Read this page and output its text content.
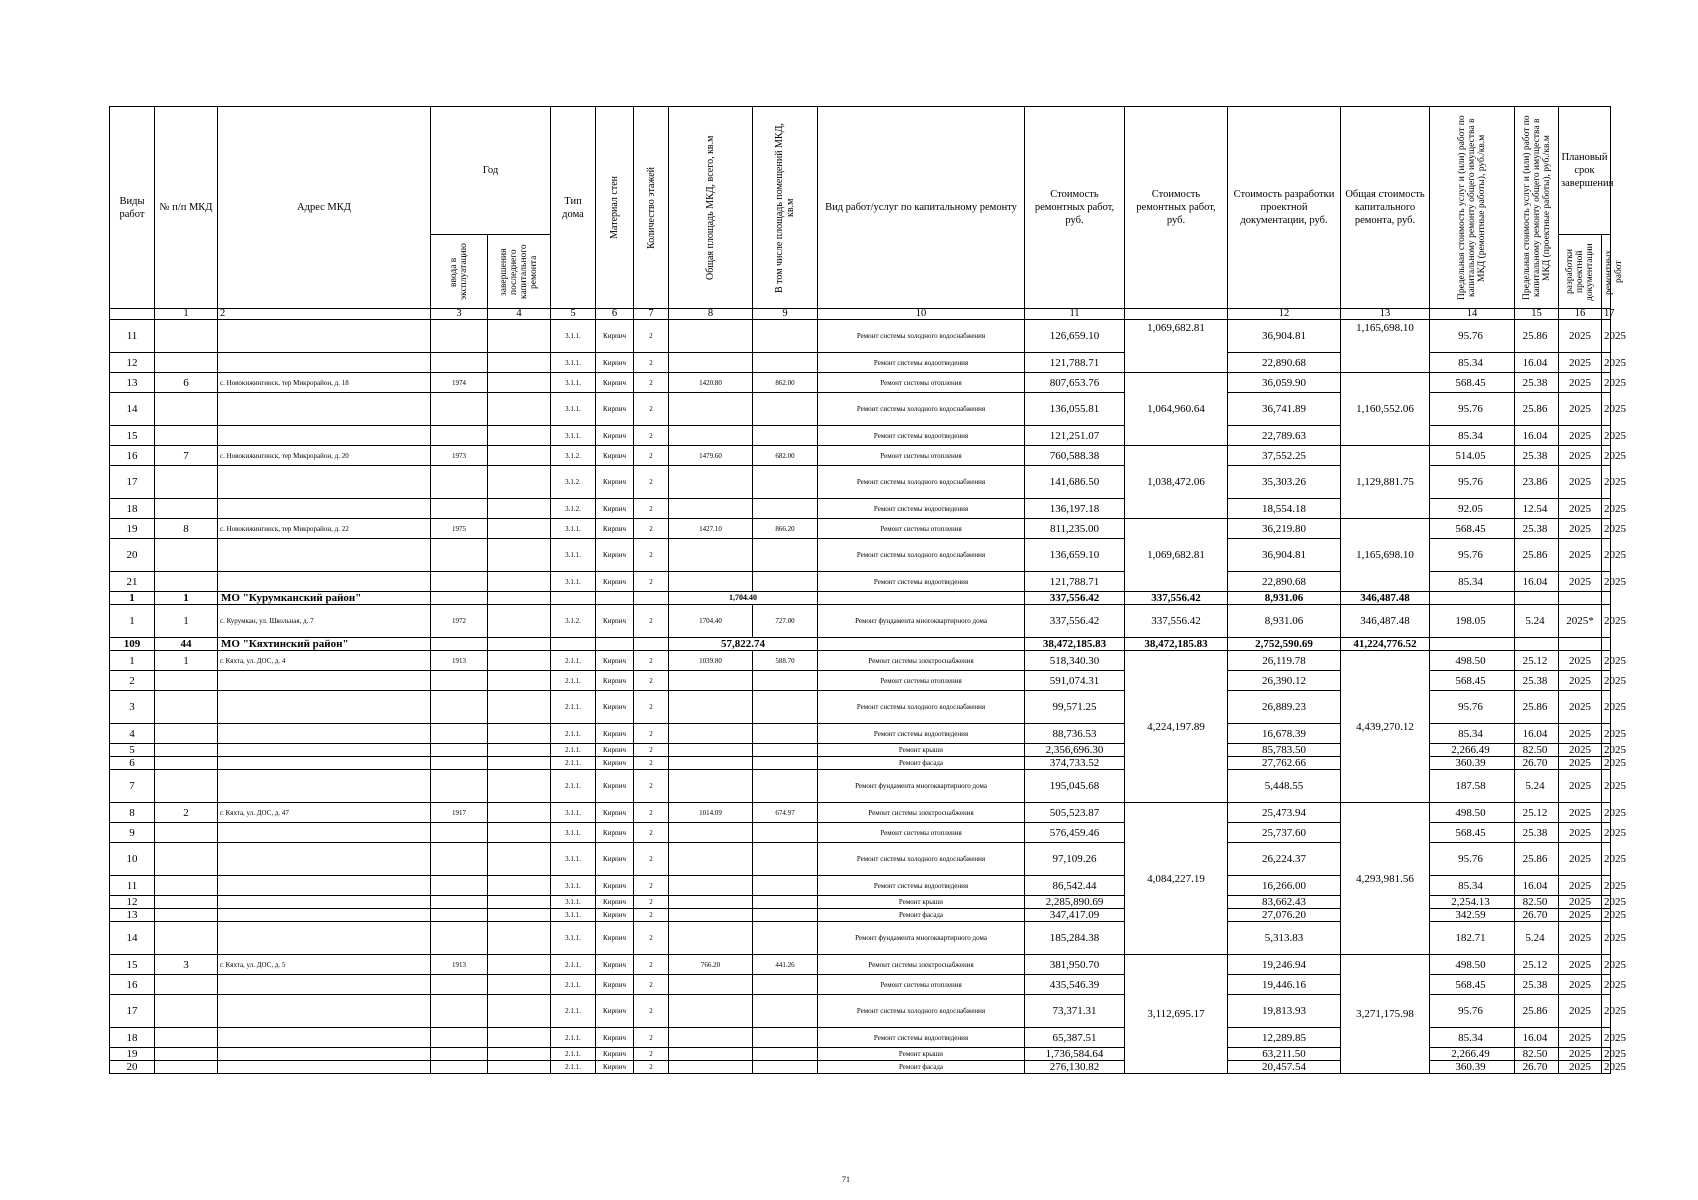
Виды работ	№ п/п МКД	Адрес МКД	Год		Тип дома	Материал стен	Количество этажей	Общая площадь МКД, всего, кв.м	В том числе площадь помещений МКД, кв.м	Вид работ/услуг по капитальному ремонту	Стоимость ремонтных работ, руб.	Стоимость ремонтных работ, руб.	Стоимость разработки проектной документации, руб.	Общая стоимость капитального ремонта, руб.	Предельная стоимость услуг и (или) работ по капитальному ремонту общего имущества в МКД (ремонтные работы), руб./кв.м	Предельная стоимость услуг и (или) работ по капитальному ремонту общего имущества в МКД (проектные работы), руб./кв.м	Плановый срок завершения	

			ввода в эксплуатацию	завершения последнего капитального ремонта													разработки проектной документации	ремонтных работ

	1	2	3	4	5	6	7	8	9	10	11		12	13	14	15	16	17
11					3.1.1.	Кирпич	2			Ремонт системы холодного водоснабжения	126,659.10	1,069,682.81	36,904.81	1,165,698.10	95.76	25.86	2025	2025
12					3.1.1.	Кирпич	2			Ремонт системы водоотведения	121,788.71		22,890.68		85.34	16.04	2025	2025
13	6	с. Новокижингинск, тер Микрорайон, д. 18	1974		3.1.1.	Кирпич	2	1420.80	862.00	Ремонт системы отопления	807,653.76	1,064,960.64	36,059.90	1,160,552.06	568.45	25.38	2025	2025
14					3.1.1.	Кирпич	2			Ремонт системы холодного водоснабжения	136,055.81		36,741.89		95.76	25.86	2025	2025
15					3.1.1.	Кирпич	2			Ремонт системы водоотведения	121,251.07		22,789.63		85.34	16.04	2025	2025
16	7	с. Новокижингинск, тер Микрорайон, д. 20	1973		3.1.2.	Кирпич	2	1479.60	682.00	Ремонт системы отопления	760,588.38	1,038,472.06	37,552.25	1,129,881.75	514.05	25.38	2025	2025
17					3.1.2.	Кирпич	2			Ремонт системы холодного водоснабжения	141,686.50		35,303.26		95.76	23.86	2025	2025
18					3.1.2.	Кирпич	2			Ремонт системы водоотведения	136,197.18		18,554.18		92.05	12.54	2025	2025
19	8	с. Новокижингинск, тер Микрорайон, д. 22	1975		3.1.1.	Кирпич	2	1427.10	866.20	Ремонт системы отопления	811,235.00	1,069,682.81	36,219.80	1,165,698.10	568.45	25.38	2025	2025
20					3.1.1.	Кирпич	2			Ремонт системы холодного водоснабжения	136,659.10		36,904.81		95.76	25.86	2025	2025
21					3.1.1.	Кирпич	2			Ремонт системы водоотведения	121,788.71		22,890.68		85.34	16.04	2025	2025
1	1	МО "Курумканский район"						1,704.40			337,556.42	337,556.42	8,931.06	346,487.48				
1	1	с. Курумкан, ул. Школьная, д. 7	1972		3.1.2.	Кирпич	2	1704.40	727.00	Ремонт фундамента многоквартирного дома	337,556.42	337,556.42	8,931.06	346,487.48	198.05	5.24	2025*	2025
109	44	МО "Кяхтинский район"						57,822.74			38,472,185.83	38,472,185.83	2,752,590.69	41,224,776.52				
1	1	г. Кяхта, ул. ДОС, д. 4	1913		2.1.1.	Кирпич	2	1039.80	588.70	Ремонт системы электроснабжения	518,340.30	4,224,197.89	26,119.78	4,439,270.12	498.50	25.12	2025	2025
2					2.1.1.	Кирпич	2			Ремонт системы отопления	591,074.31		26,390.12		568.45	25.38	2025	2025
3					2.1.1.	Кирпич	2			Ремонт системы холодного водоснабжения	99,571.25		26,889.23		95.76	25.86	2025	2025
4					2.1.1.	Кирпич	2			Ремонт системы водоотведения	88,736.53		16,678.39		85.34	16.04	2025	2025
5					2.1.1.	Кирпич	2			Ремонт крыши	2,356,696.30		85,783.50		2,266.49	82.50	2025	2025
6					2.1.1.	Кирпич	2			Ремонт фасада	374,733.52		27,762.66		360.39	26.70	2025	2025
7					2.1.1.	Кирпич	2			Ремонт фундамента многоквартирного дома	195,045.68		5,448.55		187.58	5.24	2025	2025
8	2	г. Кяхта, ул. ДОС, д. 47	1917		3.1.1.	Кирпич	2	1014.09	674.97	Ремонт системы электроснабжения	505,523.87	4,084,227.19	25,473.94	4,293,981.56	498.50	25.12	2025	2025
9					3.1.1.	Кирпич	2			Ремонт системы отопления	576,459.46		25,737.60		568.45	25.38	2025	2025
10					3.1.1.	Кирпич	2			Ремонт системы холодного водоснабжения	97,109.26		26,224.37		95.76	25.86	2025	2025
11					3.1.1.	Кирпич	2			Ремонт системы водоотведения	86,542.44		16,266.00		85.34	16.04	2025	2025
12					3.1.1.	Кирпич	2			Ремонт крыши	2,285,890.69		83,662.43		2,254.13	82.50	2025	2025
13					3.1.1.	Кирпич	2			Ремонт фасада	347,417.09		27,076.20		342.59	26.70	2025	2025
14					3.1.1.	Кирпич	2			Ремонт фундамента многоквартирного дома	185,284.38		5,313.83		182.71	5.24	2025	2025
15	3	г. Кяхта, ул. ДОС, д. 5	1913		2.1.1.	Кирпич	2	766.20	441.26	Ремонт системы электроснабжения	381,950.70	3,112,695.17	19,246.94	3,271,175.98	498.50	25.12	2025	2025
16					2.1.1.	Кирпич	2			Ремонт системы отопления	435,546.39		19,446.16		568.45	25.38	2025	2025
17					2.1.1.	Кирпич	2			Ремонт системы холодного водоснабжения	73,371.31		19,813.93		95.76	25.86	2025	2025
18					2.1.1.	Кирпич	2			Ремонт системы водоотведения	65,387.51		12,289.85		85.34	16.04	2025	2025
19					2.1.1.	Кирпич	2			Ремонт крыши	1,736,584.64		63,211.50		2,266.49	82.50	2025	2025
20					2.1.1.	Кирпич	2			Ремонт фасада	276,130.82		20,457.54		360.39	26.70	2025	2025
71
